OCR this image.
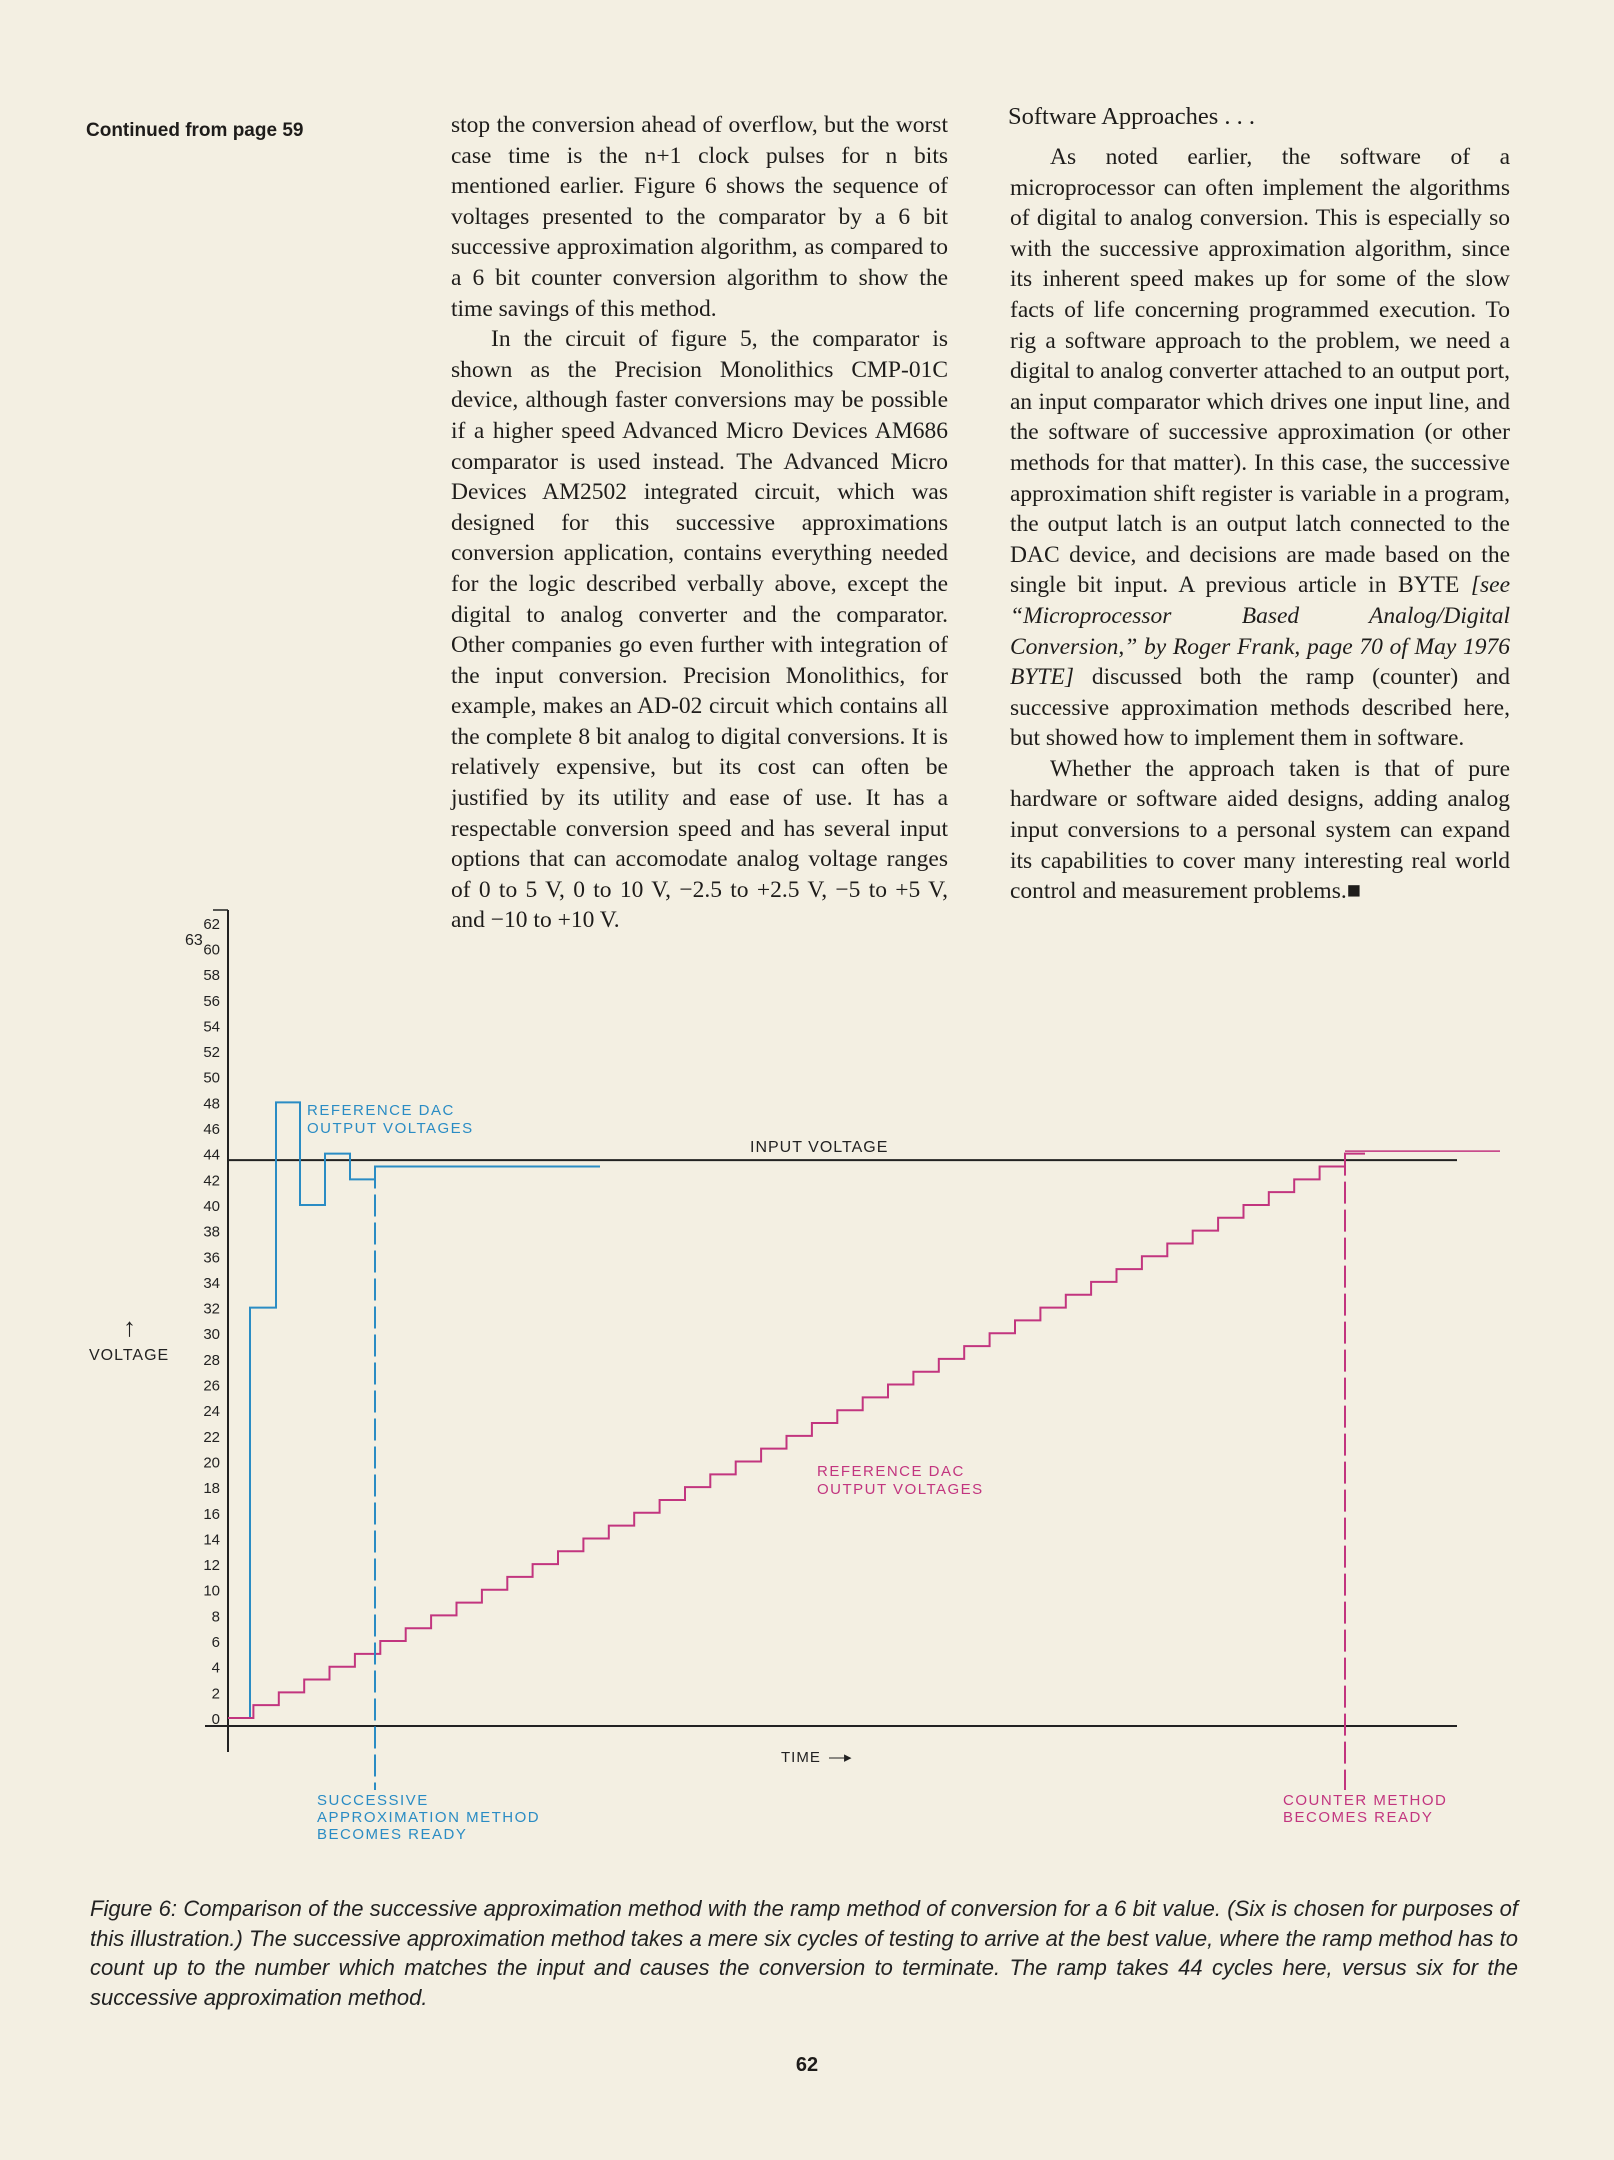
Continued from page 59	stop the conversion ahead of overflow, but the worst case time is the n+1 clock pulses for n bits mentioned earlier. Figure 6 shows the sequence of voltages presented to the comparator by a 6 bit successive approximation algorithm, as compared to a 6 bit counter conversion algorithm to show the time savings of this method.

In the circuit of figure 5, the comparator is shown as the Precision Monolithics CMP-01C device, although faster conversions may be possible if a higher speed Advanced Micro Devices AM686 comparator is used instead. The Advanced Micro Devices AM2502 integrated circuit, which was designed for this successive approximations conversion application, contains everything needed for the logic described verbally above, except the digital to analog converter and the comparator. Other companies go even further with integration of the input conversion. Precision Monolithics, for example, makes an AD-02 circuit which contains all the complete 8 bit analog to digital conversions. It is relatively expensive, but its cost can often be justified by its utility and ease of use. It has a respectable conversion speed and has several input options that can accomodate analog voltage ranges of 0 to 5 V, 0 to 10 V, −2.5 to +2.5 V, −5 to +5 V, and −10 to +10 V.

Software Approaches . . .

As noted earlier, the software of a microprocessor can often implement the algorithms of digital to analog conversion. This is especially so with the successive approximation algorithm, since its inherent speed makes up for some of the slow facts of life concerning programmed execution. To rig a software approach to the problem, we need a digital to analog converter attached to an output port, an input comparator which drives one input line, and the software of successive approximation (or other methods for that matter). In this case, the successive approximation shift register is variable in a program, the output latch is an output latch connected to the DAC device, and decisions are made based on the single bit input. A previous article in BYTE [see “Microprocessor Based Analog/Digital Conversion,” by Roger Frank, page 70 of May 1976 BYTE] discussed both the ramp (counter) and successive approximation methods described here, but showed how to implement them in software.

Whether the approach taken is that of pure hardware or software aided designs, adding analog input conversions to a personal system can expand its capabilities to cover many interesting real world control and measurement problems.■

0
2
4
6
8
10
12
14
16
18
20
22
24
26
28
30
32
34
36
38
40
42
44
46
48
50
52
54
56
58
60
62
63
VOLTAGE
↑
TIME —▸
INPUT VOLTAGE
REFERENCE DAC
OUTPUT VOLTAGES
REFERENCE DAC
OUTPUT VOLTAGES
SUCCESSIVE
APPROXIMATION METHOD
BECOMES READY
COUNTER METHOD
BECOMES READY
Figure 6: Comparison of the successive approximation method with the ramp method of conversion for a 6 bit value. (Six is chosen for purposes of this illustration.) The successive approximation method takes a mere six cycles of testing to arrive at the best value, where the ramp method has to count up to the number which matches the input and causes the conversion to terminate. The ramp takes 44 cycles here, versus six for the successive approximation method.
62
